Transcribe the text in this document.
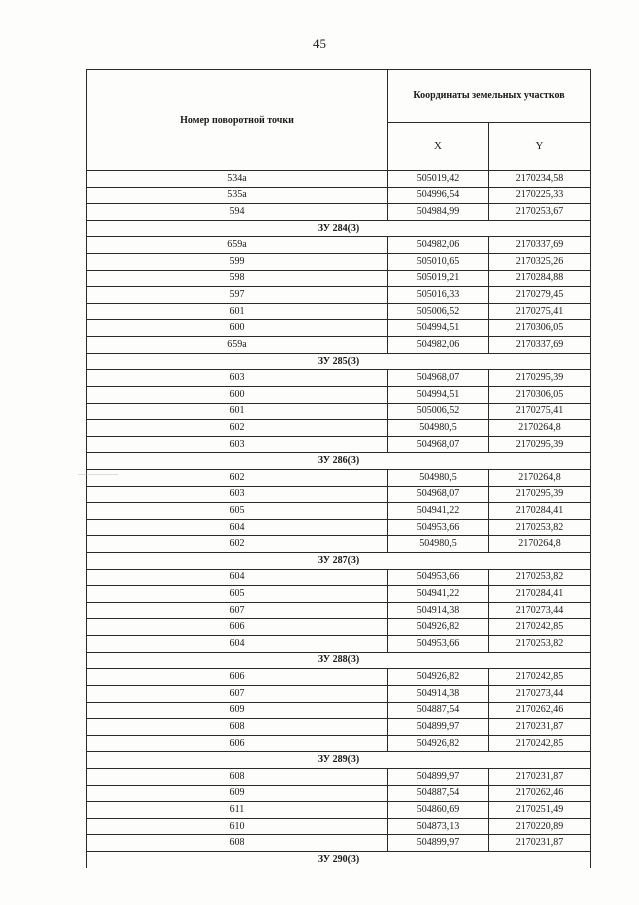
45
Номер поворотной точки	Координаты земельных участков	
	X	Y
534а	505019,42	2170234,58
535а	504996,54	2170225,33
594	504984,99	2170253,67
ЗУ 284(3)		
659а	504982,06	2170337,69
599	505010,65	2170325,26
598	505019,21	2170284,88
597	505016,33	2170279,45
601	505006,52	2170275,41
600	504994,51	2170306,05
659а	504982,06	2170337,69
ЗУ 285(3)		
603	504968,07	2170295,39
600	504994,51	2170306,05
601	505006,52	2170275,41
602	504980,5	2170264,8
603	504968,07	2170295,39
ЗУ 286(3)		
602	504980,5	2170264,8
603	504968,07	2170295,39
605	504941,22	2170284,41
604	504953,66	2170253,82
602	504980,5	2170264,8
ЗУ 287(3)		
604	504953,66	2170253,82
605	504941,22	2170284,41
607	504914,38	2170273,44
606	504926,82	2170242,85
604	504953,66	2170253,82
ЗУ 288(3)		
606	504926,82	2170242,85
607	504914,38	2170273,44
609	504887,54	2170262,46
608	504899,97	2170231,87
606	504926,82	2170242,85
ЗУ 289(3)		
608	504899,97	2170231,87
609	504887,54	2170262,46
611	504860,69	2170251,49
610	504873,13	2170220,89
608	504899,97	2170231,87
ЗУ 290(3)		
